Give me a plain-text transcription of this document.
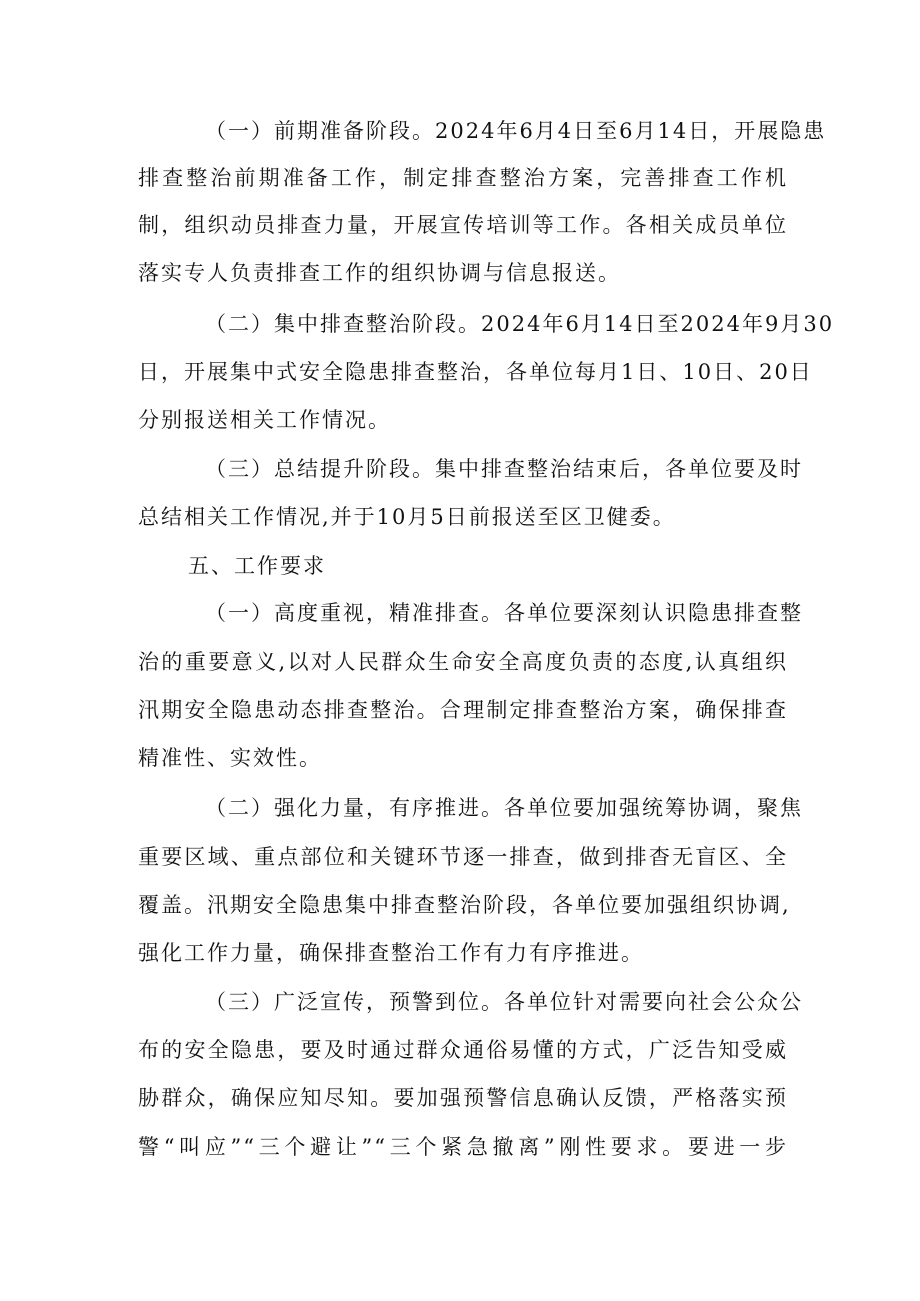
（一）前期准备阶段。2024年6月4日至6月14日，开展隐患
排查整治前期准备工作，制定排查整治方案，完善排查工作机
制，组织动员排查力量，开展宣传培训等工作。各相关成员单位
落实专人负责排查工作的组织协调与信息报送。
（二）集中排查整治阶段。2024年6月14日至2024年9月30
日，开展集中式安全隐患排查整治，各单位每月1日、10日、20日
分别报送相关工作情况。
（三）总结提升阶段。集中排查整治结束后，各单位要及时
总结相关工作情况,并于10月5日前报送至区卫健委。
五、工作要求
（一）高度重视，精准排查。各单位要深刻认识隐患排查整
治的重要意义,以对人民群众生命安全高度负责的态度,认真组织
汛期安全隐患动态排查整治。合理制定排查整治方案，确保排查
精准性、实效性。
（二）强化力量，有序推进。各单位要加强统筹协调，聚焦
重要区域、重点部位和关键环节逐一排查，做到排杳无盲区、全
覆盖。汛期安全隐患集中排查整治阶段，各单位要加强组织协调,
强化工作力量，确保排查整治工作有力有序推进。
（三）广泛宣传，预警到位。各单位针对需要向社会公众公
布的安全隐患，要及时通过群众通俗易懂的方式，广泛告知受威
胁群众，确保应知尽知。要加强预警信息确认反馈，严格落实预
警“叫应”“三个避让”“三个紧急撤离”刚性要求。要进一步
